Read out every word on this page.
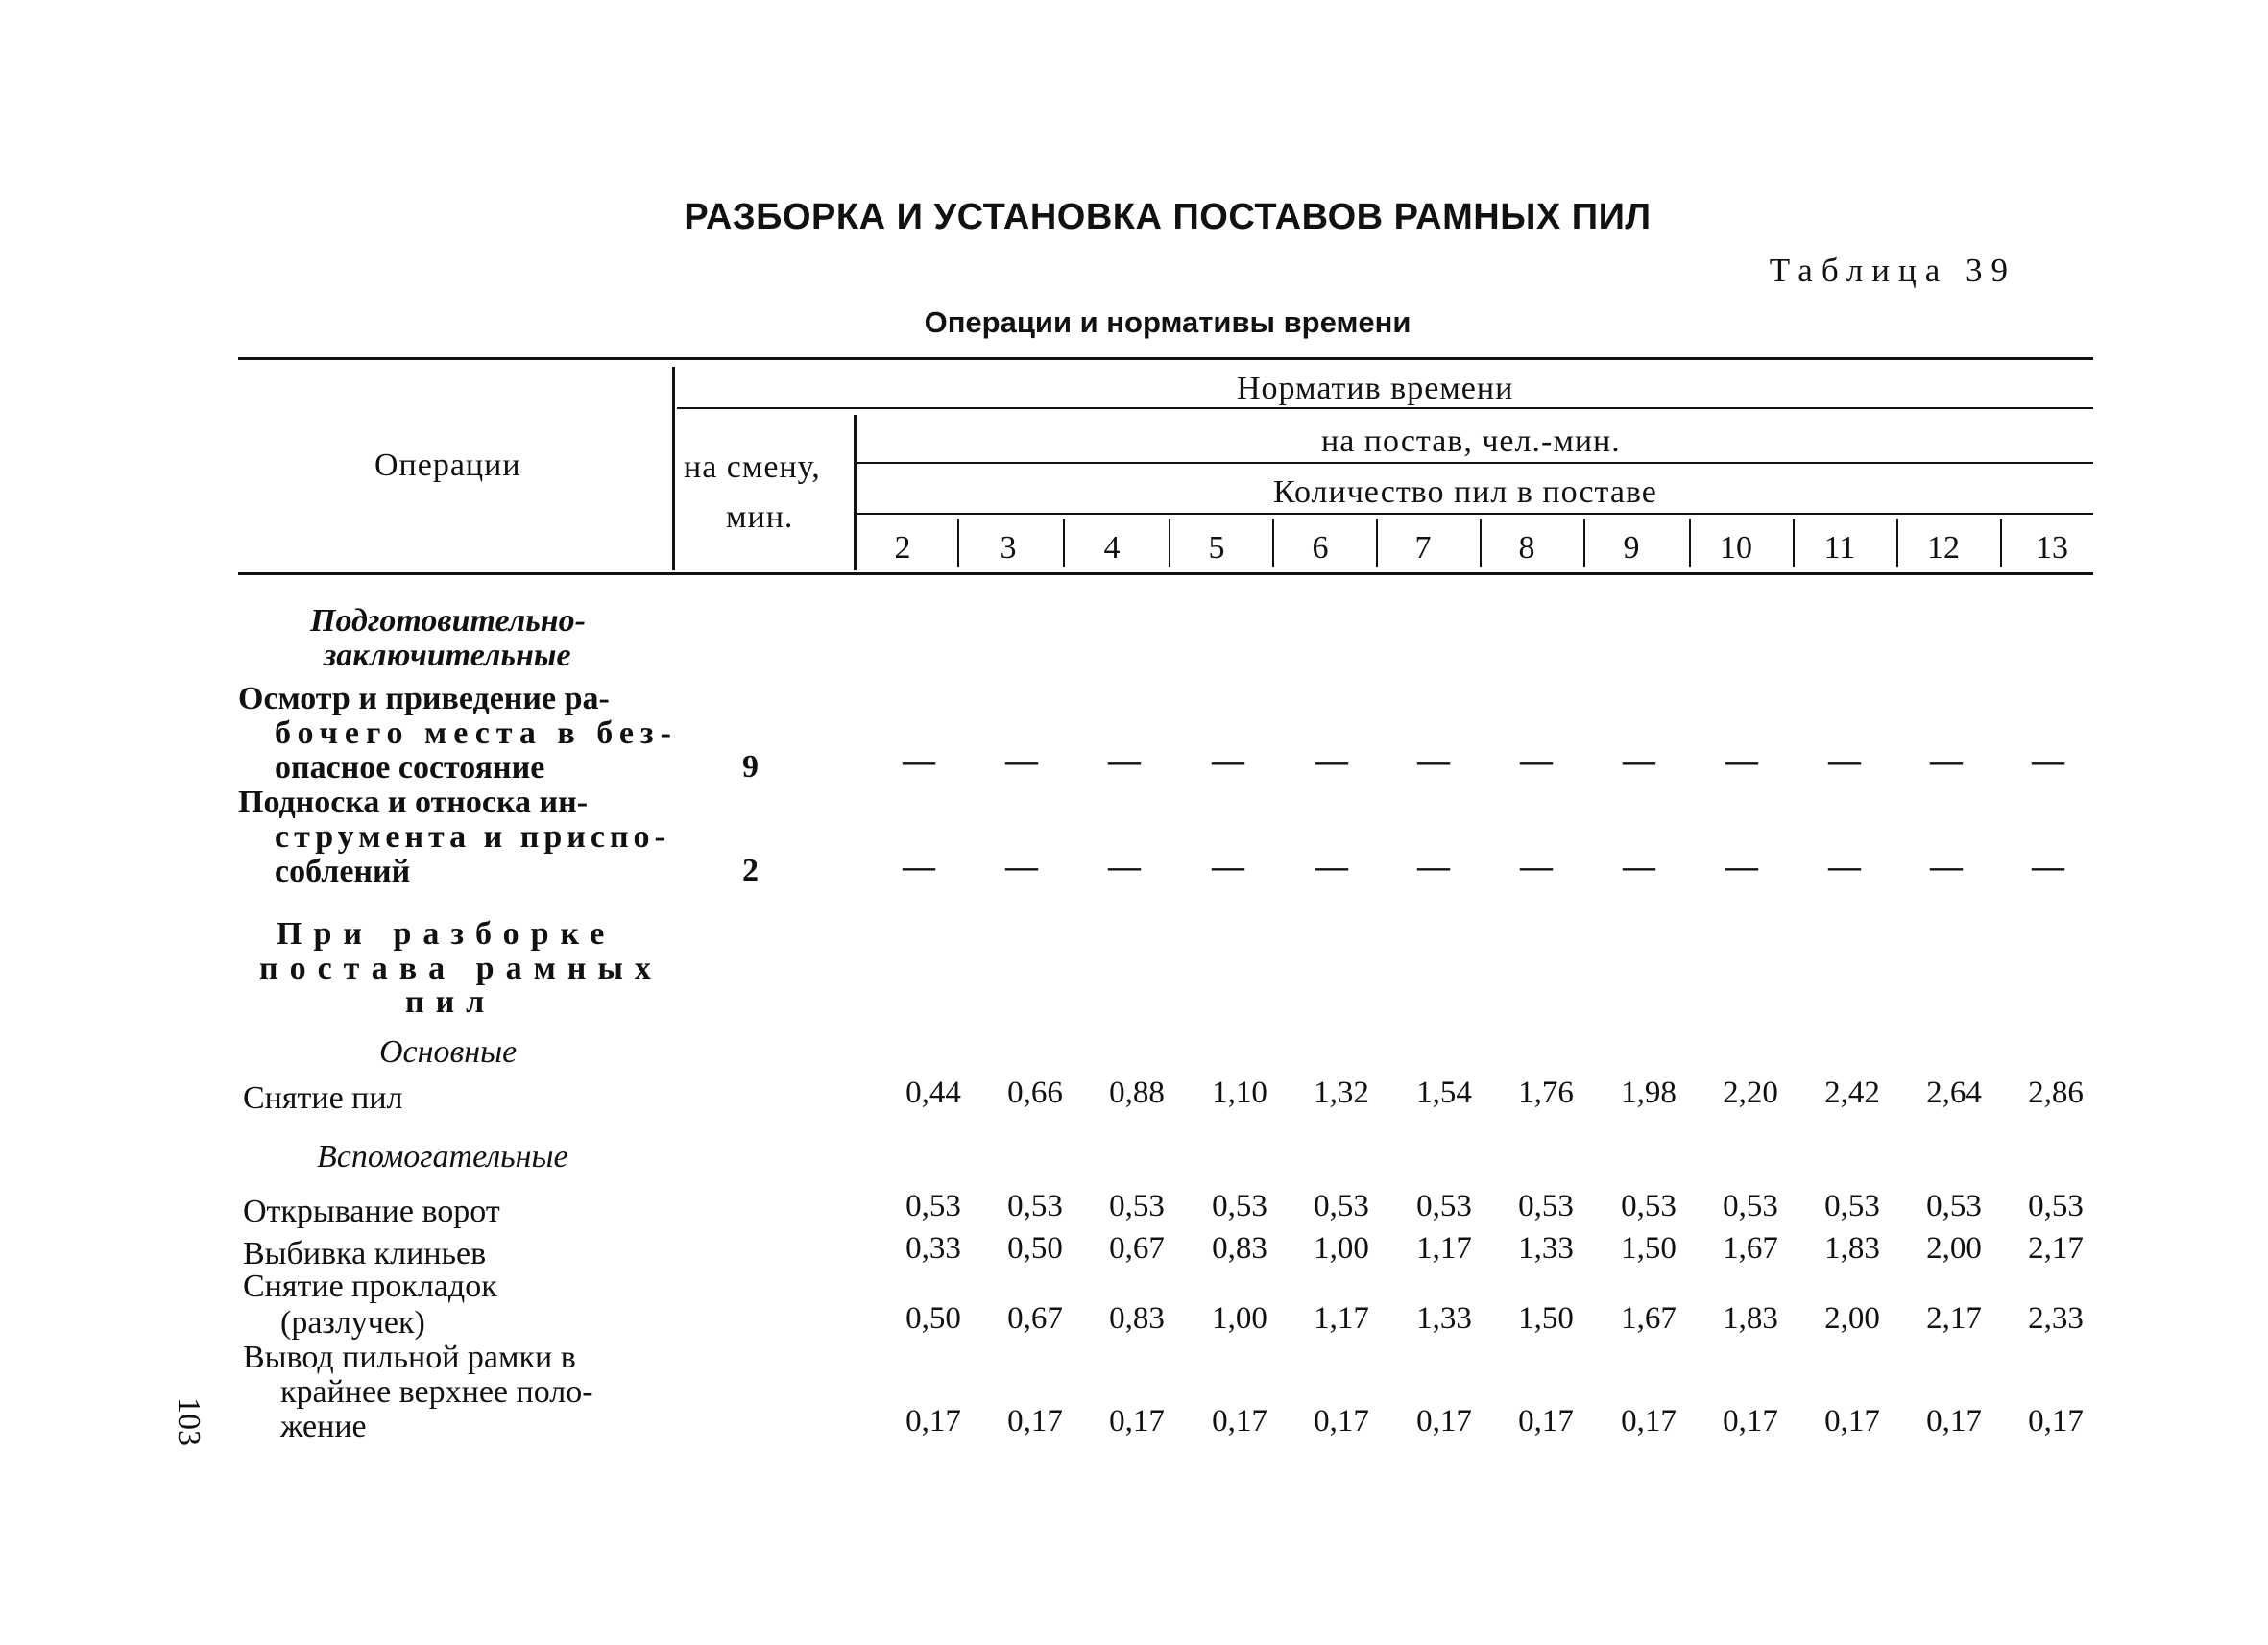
РАЗБОРКА И УСТАНОВКА ПОСТАВОВ РАМНЫХ ПИЛ
Таблица 39
Операции и нормативы времени
Операции
Норматив времени
на смену,
мин.
на постав, чел.-мин.
Количество пил в поставе
2	3	4	5	6	7	8	9	10	11	12	13
Подготовительно-
заключительные
Осмотр и приведение ра-
бочего места в без-
опасное состояние	9	—	—	—	—	—	—	—	—	—	—	—	—
Подноска и относка ин-
струмента и приспо-
соблений	2	—	—	—	—	—	—	—	—	—	—	—	—
При разборке
постава рамных
пил
Основные
Снятие пил	0,44	0,66	0,88	1,10	1,32	1,54	1,76	1,98	2,20	2,42	2,64	2,86
Вспомогательные
Открывание ворот	0,53	0,53	0,53	0,53	0,53	0,53	0,53	0,53	0,53	0,53	0,53	0,53
Выбивка клиньев	0,33	0,50	0,67	0,83	1,00	1,17	1,33	1,50	1,67	1,83	2,00	2,17
Снятие прокладок
(разлучек)	0,50	0,67	0,83	1,00	1,17	1,33	1,50	1,67	1,83	2,00	2,17	2,33
Вывод пильной рамки в
крайнее верхнее поло-
жение	0,17	0,17	0,17	0,17	0,17	0,17	0,17	0,17	0,17	0,17	0,17	0,17
103
